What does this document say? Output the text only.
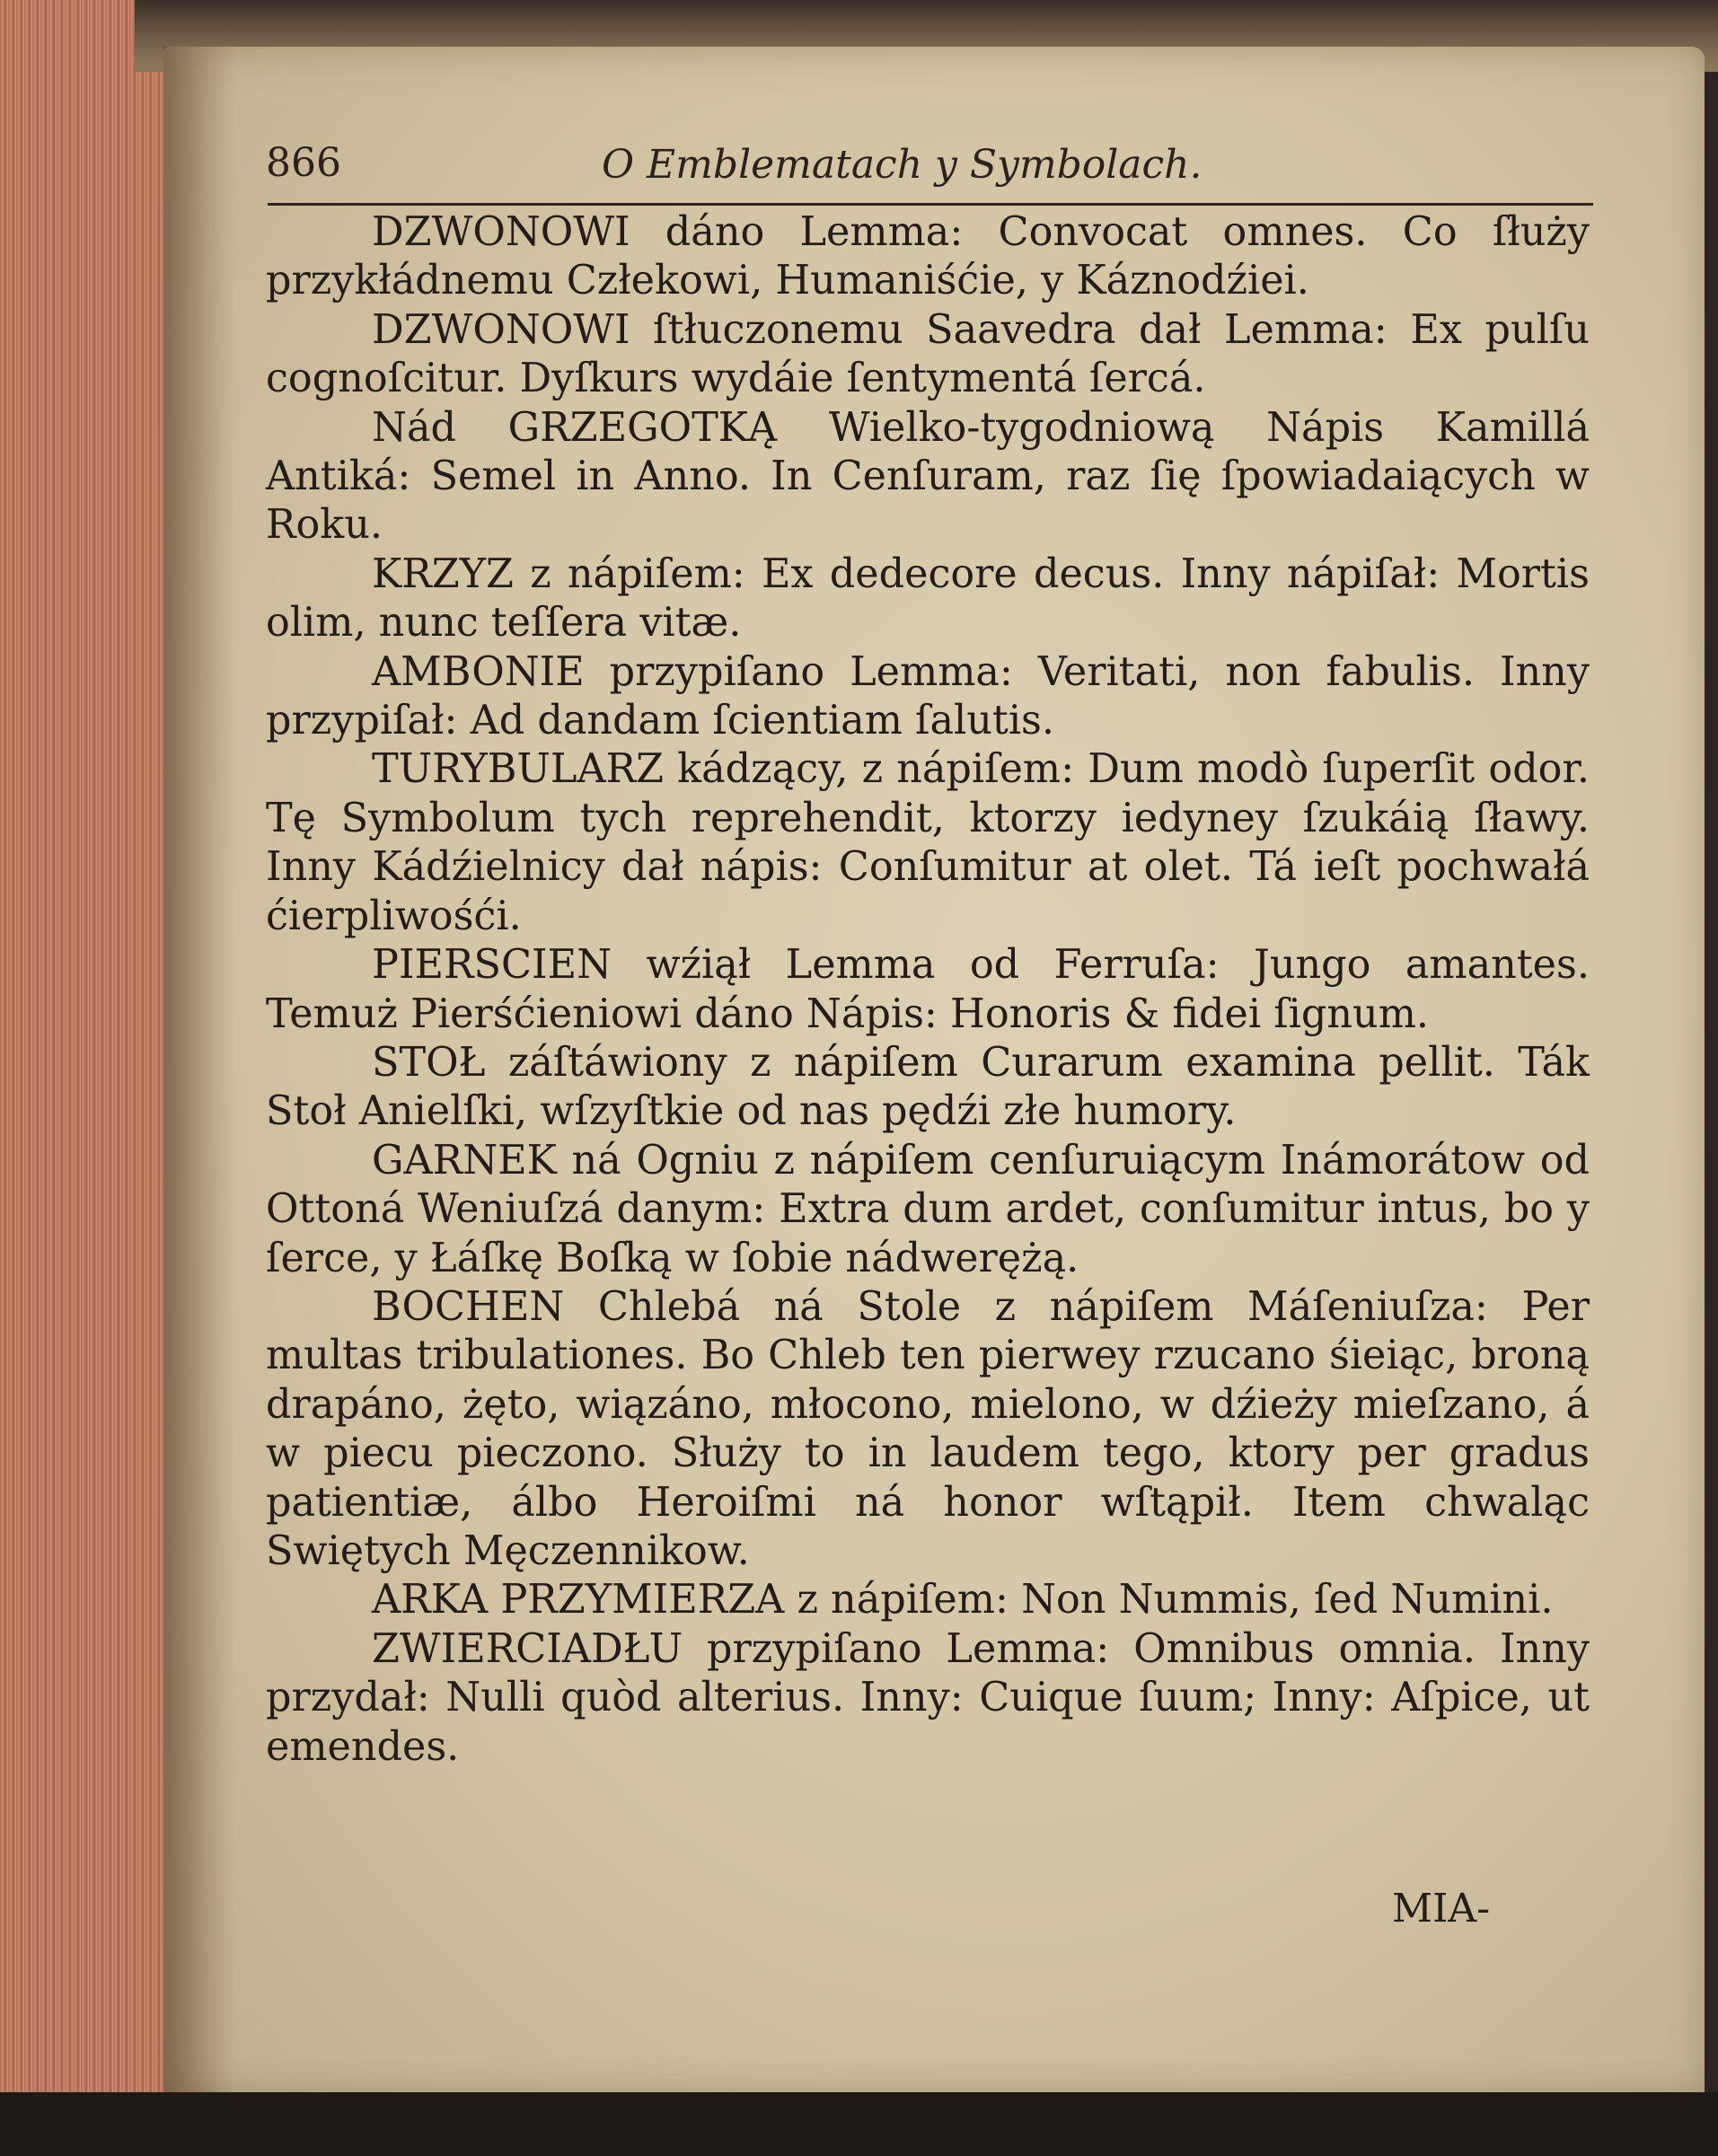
866	O Emblematach y Symbolach.

DZWONOWI dáno Lemma: Convocat omnes. Co ſłuży przykłádnemu Człekowi, Humaniśćie, y Káznodźiei.

DZWONOWI ſtłuczonemu Saavedra dał Lemma: Ex pulſu cognoſcitur. Dyſkurs wydáie ſentymentá ſercá.

Nád GRZEGOTKĄ Wielko-tygodniową Nápis Kamillá Antiká: Semel in Anno. In Cenſuram, raz ſię ſpowiadaiących w Roku.

KRZYZ z nápiſem: Ex dedecore decus. Inny nápiſał: Mortis olim, nunc teſſera vitæ.

AMBONIE przypiſano Lemma: Veritati, non fabulis. Inny przypiſał: Ad dandam ſcientiam ſalutis.

TURYBULARZ kádzący, z nápiſem: Dum modò ſuperſit odor. Tę Symbolum tych reprehendit, ktorzy iedyney ſzukáią ſławy. Inny Kádźielnicy dał nápis: Conſumitur at olet. Tá ieſt pochwałá ćierpliwośći.

PIERSCIEN wźiął Lemma od Ferruſa: Jungo amantes. Temuż Pierśćieniowi dáno Nápis: Honoris & fidei ſignum.

STOŁ záſtáwiony z nápiſem Curarum examina pellit. Ták Stoł Anielſki, wſzyſtkie od nas pędźi złe humory.

GARNEK ná Ogniu z nápiſem cenſuruiącym Inámorátow od Ottoná Weniuſzá danym: Extra dum ardet, conſumitur intus, bo y ſerce, y Łáſkę Boſką w ſobie nádwerężą.

BOCHEN Chlebá ná Stole z nápiſem Máſeniuſza: Per multas tribulationes. Bo Chleb ten pierwey rzucano śieiąc, broną drapáno, żęto, wiązáno, młocono, mielono, w dźieży mieſzano, á w piecu pieczono. Służy to in laudem tego, ktory per gradus patientiæ, álbo Heroiſmi ná honor wſtąpił. Item chwaląc Swiętych Męczennikow.

ARKA PRZYMIERZA z nápiſem: Non Nummis, ſed Numini.

ZWIERCIADŁU przypiſano Lemma: Omnibus omnia. Inny przydał: Nulli quòd alterius. Inny: Cuique ſuum; Inny: Aſpice, ut emendes.

MIA-
